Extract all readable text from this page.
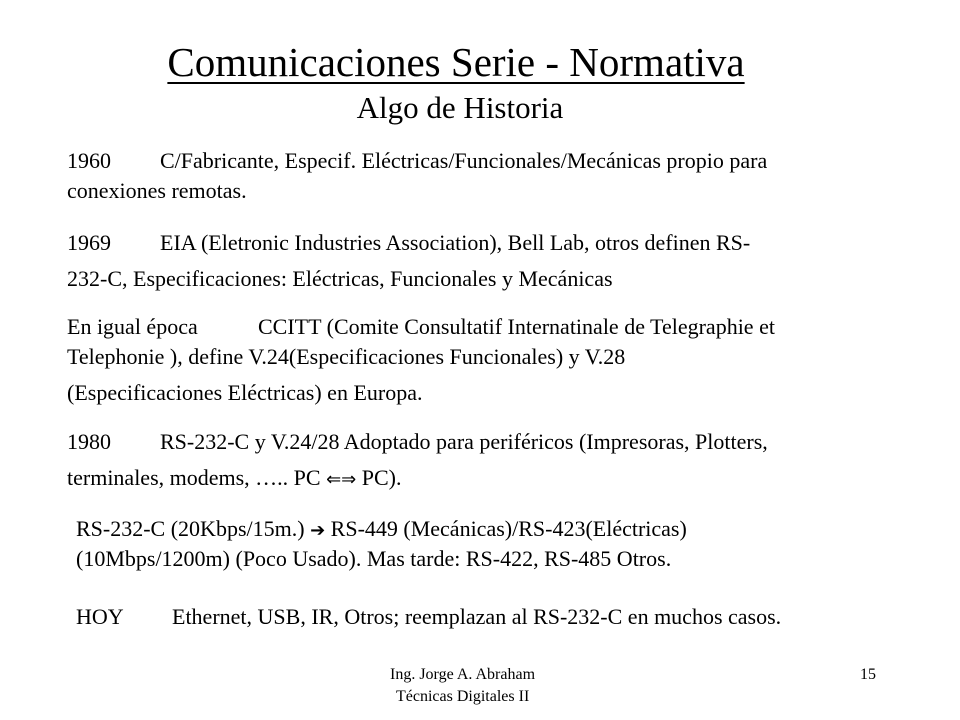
Comunicaciones Serie - Normativa
Algo de Historia
1960 C/Fabricante, Especif. Eléctricas/Funcionales/Mecánicas propio para
conexiones remotas.
1969 EIA (Eletronic Industries Association), Bell Lab, otros definen RS-
232-C, Especificaciones: Eléctricas, Funcionales y Mecánicas
En igual época	CCITT (Comite Consultatif Internatinale de Telegraphie et
Telephonie ), define V.24(Especificaciones Funcionales) y V.28
(Especificaciones Eléctricas) en Europa.
1980 RS-232-C y V.24/28 Adoptado para periféricos (Impresoras, Plotters,
terminales, modems, ….. PC ⇐⇒ PC).
RS-232-C (20Kbps/15m.) ➔ RS-449 (Mecánicas)/RS-423(Eléctricas)
(10Mbps/1200m) (Poco Usado). Mas tarde: RS-422, RS-485 Otros.
HOY Ethernet, USB, IR, Otros; reemplazan al RS-232-C en muchos casos.
Ing. Jorge A. Abraham
Técnicas Digitales II
15
